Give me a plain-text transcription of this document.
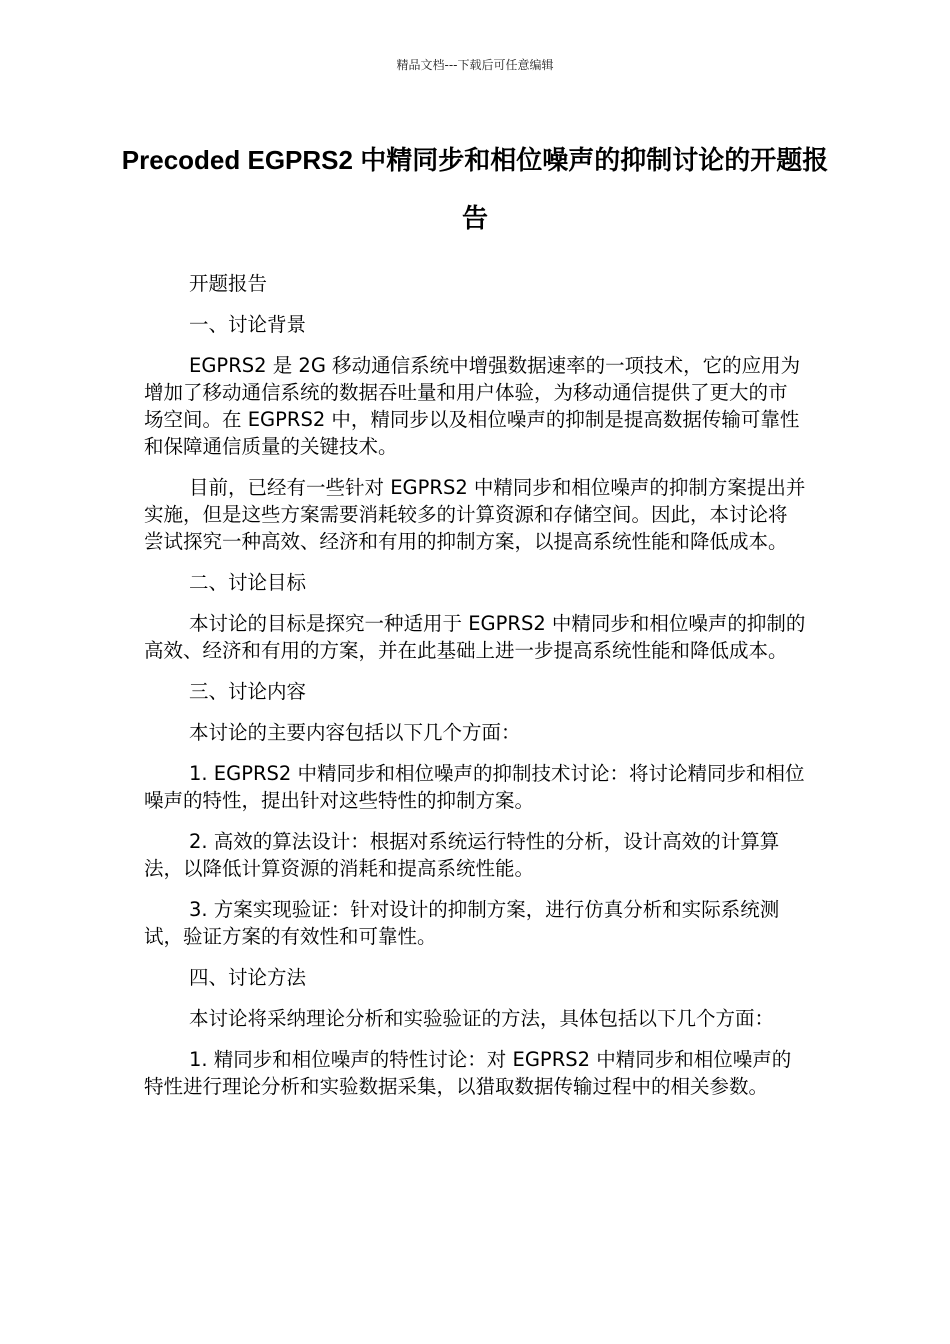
精品文档---下载后可任意编辑
Precoded EGPRS2 中精同步和相位噪声的抑制讨论的开题报告

开题报告

一、讨论背景

EGPRS2 是 2G 移动通信系统中增强数据速率的一项技术，它的应用为增加了移动通信系统的数据吞吐量和用户体验，为移动通信提供了更大的市场空间。在 EGPRS2 中，精同步以及相位噪声的抑制是提高数据传输可靠性和保障通信质量的关键技术。

目前，已经有一些针对 EGPRS2 中精同步和相位噪声的抑制方案提出并实施，但是这些方案需要消耗较多的计算资源和存储空间。因此，本讨论将尝试探究一种高效、经济和有用的抑制方案，以提高系统性能和降低成本。

二、讨论目标

本讨论的目标是探究一种适用于 EGPRS2 中精同步和相位噪声的抑制的高效、经济和有用的方案，并在此基础上进一步提高系统性能和降低成本。

三、讨论内容

本讨论的主要内容包括以下几个方面：

1. EGPRS2 中精同步和相位噪声的抑制技术讨论：将讨论精同步和相位噪声的特性，提出针对这些特性的抑制方案。

2. 高效的算法设计：根据对系统运行特性的分析，设计高效的计算算法，以降低计算资源的消耗和提高系统性能。

3. 方案实现验证：针对设计的抑制方案，进行仿真分析和实际系统测试，验证方案的有效性和可靠性。

四、讨论方法

本讨论将采纳理论分析和实验验证的方法，具体包括以下几个方面：

1. 精同步和相位噪声的特性讨论：对 EGPRS2 中精同步和相位噪声的特性进行理论分析和实验数据采集，以猎取数据传输过程中的相关参数。
